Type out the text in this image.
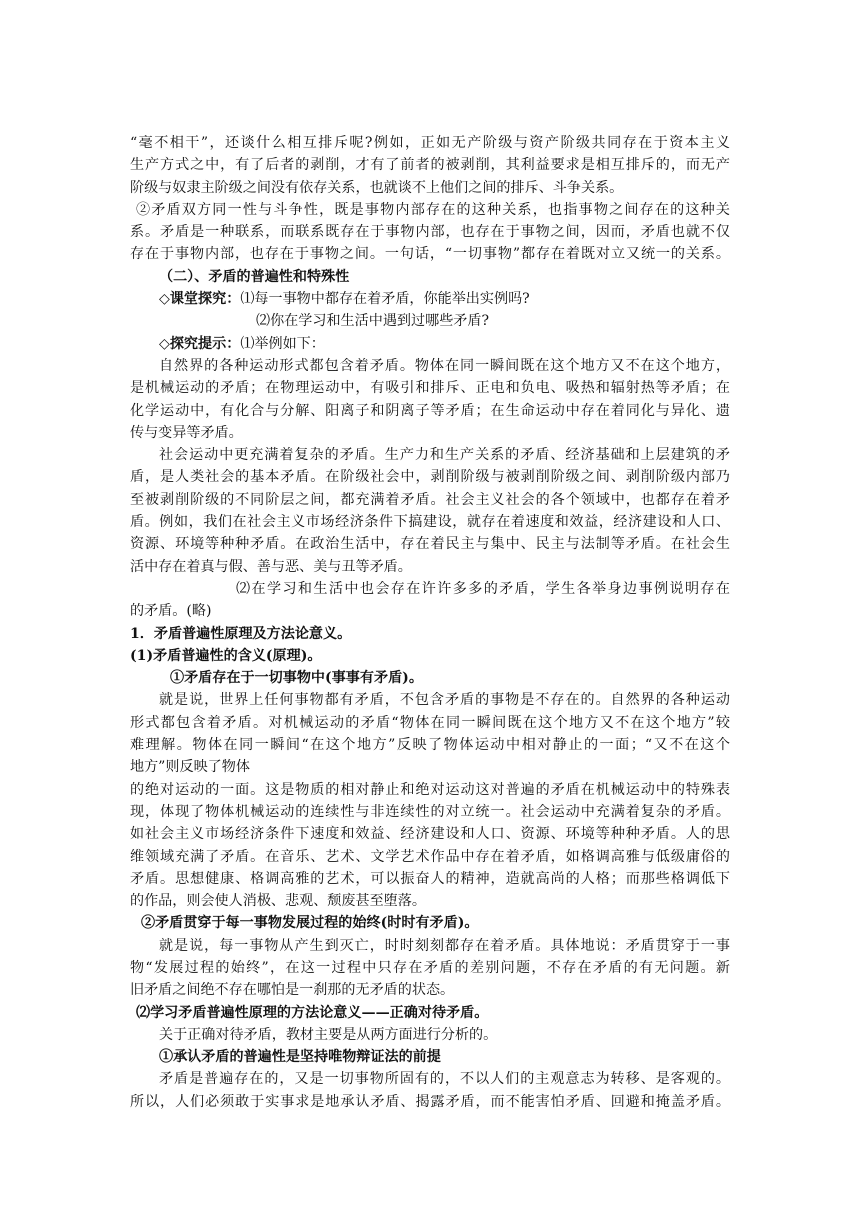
“毫不相干”，还谈什么相互排斥呢?例如，正如无产阶级与资产阶级共同存在于资本主义
生产方式之中，有了后者的剥削，才有了前者的被剥削，其利益要求是相互排斥的，而无产
阶级与奴隶主阶级之间没有依存关系，也就谈不上他们之间的排斥、斗争关系。
②矛盾双方同一性与斗争性，既是事物内部存在的这种关系，也指事物之间存在的这种关
系。矛盾是一种联系，而联系既存在于事物内部，也存在于事物之间，因而，矛盾也就不仅
存在于事物内部，也存在于事物之间。一句话，“一切事物”都存在着既对立又统一的关系。
（二）、矛盾的普遍性和特殊性
◇课堂探究：⑴每一事物中都存在着矛盾，你能举出实例吗?
⑵你在学习和生活中遇到过哪些矛盾?
◇探究提示：⑴举例如下：
自然界的各种运动形式都包含着矛盾。物体在同一瞬间既在这个地方又不在这个地方，
是机械运动的矛盾；在物理运动中，有吸引和排斥、正电和负电、吸热和辐射热等矛盾；在
化学运动中，有化合与分解、阳离子和阴离子等矛盾；在生命运动中存在着同化与异化、遗
传与变异等矛盾。
社会运动中更充满着复杂的矛盾。生产力和生产关系的矛盾、经济基础和上层建筑的矛
盾，是人类社会的基本矛盾。在阶级社会中，剥削阶级与被剥削阶级之间、剥削阶级内部乃
至被剥削阶级的不同阶层之间，都充满着矛盾。社会主义社会的各个领域中，也都存在着矛
盾。例如，我们在社会主义市场经济条件下搞建设，就存在着速度和效益，经济建设和人口、
资源、环境等种种矛盾。在政治生活中，存在着民主与集中、民主与法制等矛盾。在社会生
活中存在着真与假、善与恶、美与丑等矛盾。
⑵在学习和生活中也会存在许许多多的矛盾，学生各举身边事例说明存在
的矛盾。(略)
1．矛盾普遍性原理及方法论意义。
(1)矛盾普遍性的含义(原理)。
①矛盾存在于一切事物中(事事有矛盾)。
就是说，世界上任何事物都有矛盾，不包含矛盾的事物是不存在的。自然界的各种运动
形式都包含着矛盾。对机械运动的矛盾“物体在同一瞬间既在这个地方又不在这个地方”较
难理解。物体在同一瞬间“在这个地方”反映了物体运动中相对静止的一面；“又不在这个
地方”则反映了物体
的绝对运动的一面。这是物质的相对静止和绝对运动这对普遍的矛盾在机械运动中的特殊表
现，体现了物体机械运动的连续性与非连续性的对立统一。社会运动中充满着复杂的矛盾。
如社会主义市场经济条件下速度和效益、经济建设和人口、资源、环境等种种矛盾。人的思
维领域充满了矛盾。在音乐、艺术、文学艺术作品中存在着矛盾，如格调高雅与低级庸俗的
矛盾。思想健康、格调高雅的艺术，可以振奋人的精神，造就高尚的人格；而那些格调低下
的作品，则会使人消极、悲观、颓废甚至堕落。
②矛盾贯穿于每一事物发展过程的始终(时时有矛盾)。
就是说，每一事物从产生到灭亡，时时刻刻都存在着矛盾。具体地说：矛盾贯穿于一事
物“发展过程的始终”，在这一过程中只存在矛盾的差别问题，不存在矛盾的有无问题。新
旧矛盾之间绝不存在哪怕是一刹那的无矛盾的状态。
⑵学习矛盾普遍性原理的方法论意义——正确对待矛盾。
关于正确对待矛盾，教材主要是从两方面进行分析的。
①承认矛盾的普遍性是坚持唯物辩证法的前提
矛盾是普遍存在的，又是一切事物所固有的，不以人们的主观意志为转移、是客观的。
所以，人们必须敢于实事求是地承认矛盾、揭露矛盾，而不能害怕矛盾、回避和掩盖矛盾。
